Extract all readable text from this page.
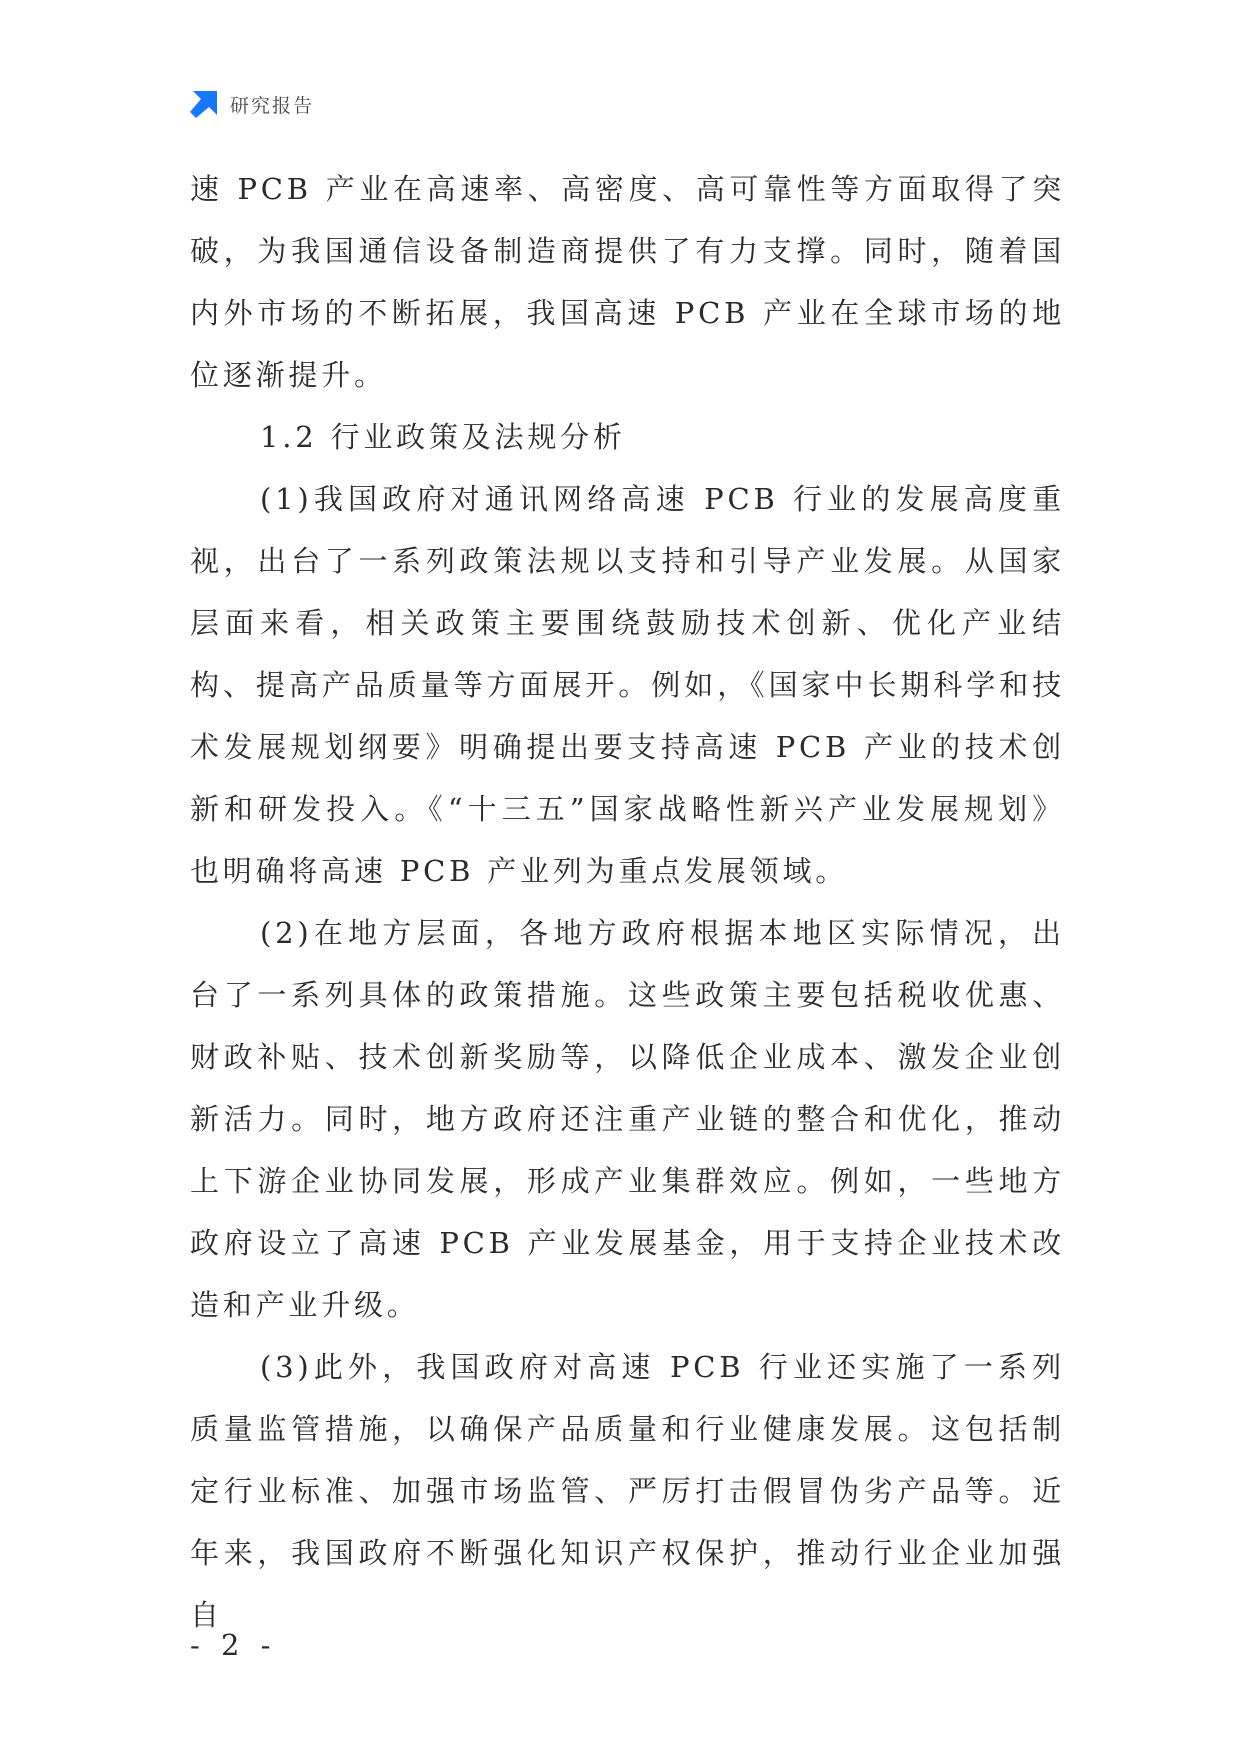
研究报告

速 PCB 产业在高速率、高密度、高可靠性等方面取得了突破，为我国通信设备制造商提供了有力支撑。同时，随着国内外市场的不断拓展，我国高速 PCB 产业在全球市场的地位逐渐提升。

1.2 行业政策及法规分析

(1)我国政府对通讯网络高速 PCB 行业的发展高度重视，出台了一系列政策法规以支持和引导产业发展。从国家层面来看，相关政策主要围绕鼓励技术创新、优化产业结构、提高产品质量等方面展开。例如，《国家中长期科学和技术发展规划纲要》明确提出要支持高速 PCB 产业的技术创新和研发投入。《“十三五”国家战略性新兴产业发展规划》也明确将高速 PCB 产业列为重点发展领域。

(2)在地方层面，各地方政府根据本地区实际情况，出台了一系列具体的政策措施。这些政策主要包括税收优惠、财政补贴、技术创新奖励等，以降低企业成本、激发企业创新活力。同时，地方政府还注重产业链的整合和优化，推动上下游企业协同发展，形成产业集群效应。例如，一些地方政府设立了高速 PCB 产业发展基金，用于支持企业技术改造和产业升级。

(3)此外，我国政府对高速 PCB 行业还实施了一系列质量监管措施，以确保产品质量和行业健康发展。这包括制定行业标准、加强市场监管、严厉打击假冒伪劣产品等。近年来，我国政府不断强化知识产权保护，推动行业企业加强自

- 2 -
